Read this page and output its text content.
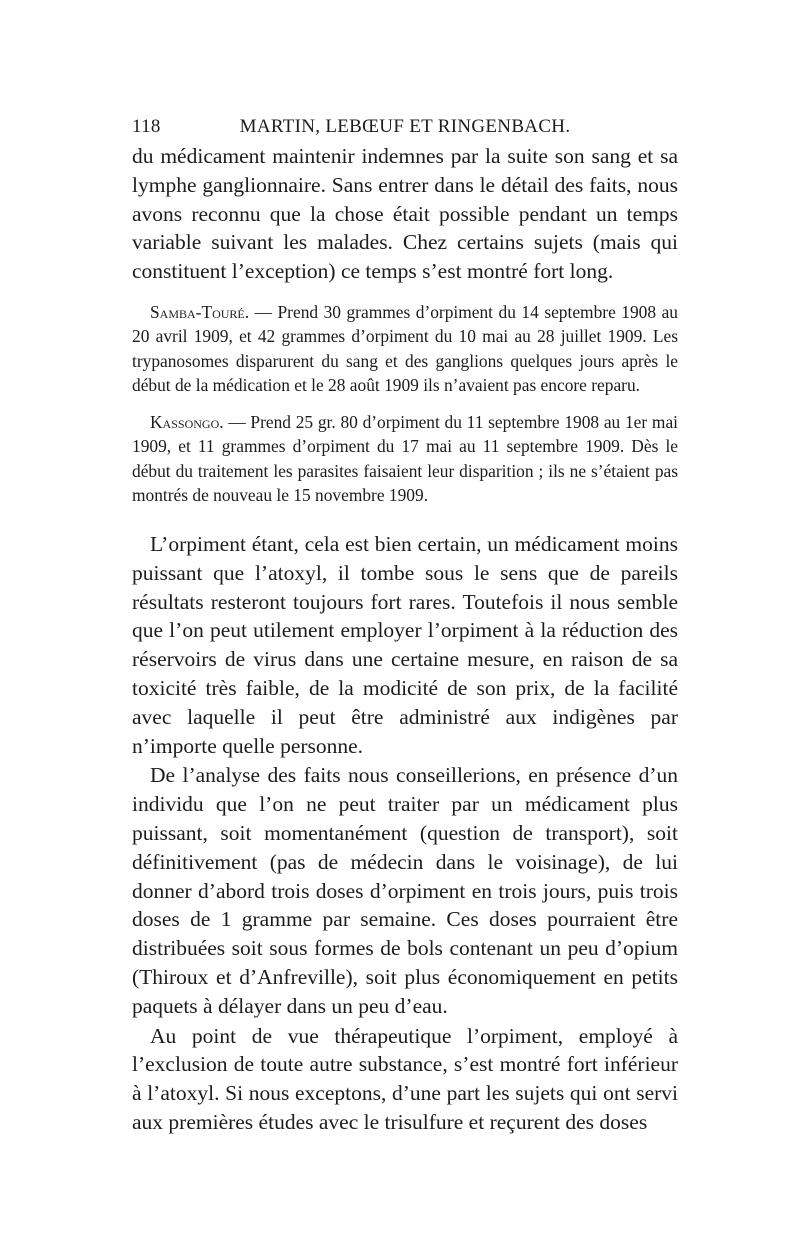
118	MARTIN, LEBŒUF ET RINGENBACH.

du médicament maintenir indemnes par la suite son sang et sa lymphe ganglionnaire. Sans entrer dans le détail des faits, nous avons reconnu que la chose était possible pendant un temps variable suivant les malades. Chez certains sujets (mais qui constituent l’exception) ce temps s’est montré fort long.

Samba-Touré. — Prend 30 grammes d’orpiment du 14 septembre 1908 au 20 avril 1909, et 42 grammes d’orpiment du 10 mai au 28 juillet 1909. Les trypanosomes disparurent du sang et des ganglions quelques jours après le début de la médication et le 28 août 1909 ils n’avaient pas encore reparu.

Kassongo. — Prend 25 gr. 80 d’orpiment du 11 septembre 1908 au 1er mai 1909, et 11 grammes d’orpiment du 17 mai au 11 septembre 1909. Dès le début du traitement les parasites faisaient leur disparition ; ils ne s’étaient pas montrés de nouveau le 15 novembre 1909.

L’orpiment étant, cela est bien certain, un médicament moins puissant que l’atoxyl, il tombe sous le sens que de pareils résultats resteront toujours fort rares. Toutefois il nous semble que l’on peut utilement employer l’orpiment à la réduction des réservoirs de virus dans une certaine mesure, en raison de sa toxicité très faible, de la modicité de son prix, de la facilité avec laquelle il peut être administré aux indigènes par n’importe quelle personne.

De l’analyse des faits nous conseillerions, en présence d’un individu que l’on ne peut traiter par un médicament plus puissant, soit momentanément (question de transport), soit définitivement (pas de médecin dans le voisinage), de lui donner d’abord trois doses d’orpiment en trois jours, puis trois doses de 1 gramme par semaine. Ces doses pourraient être distribuées soit sous formes de bols contenant un peu d’opium (Thiroux et d’Anfreville), soit plus économiquement en petits paquets à délayer dans un peu d’eau.

Au point de vue thérapeutique l’orpiment, employé à l’exclusion de toute autre substance, s’est montré fort inférieur à l’atoxyl. Si nous exceptons, d’une part les sujets qui ont servi aux premières études avec le trisulfure et reçurent des doses
